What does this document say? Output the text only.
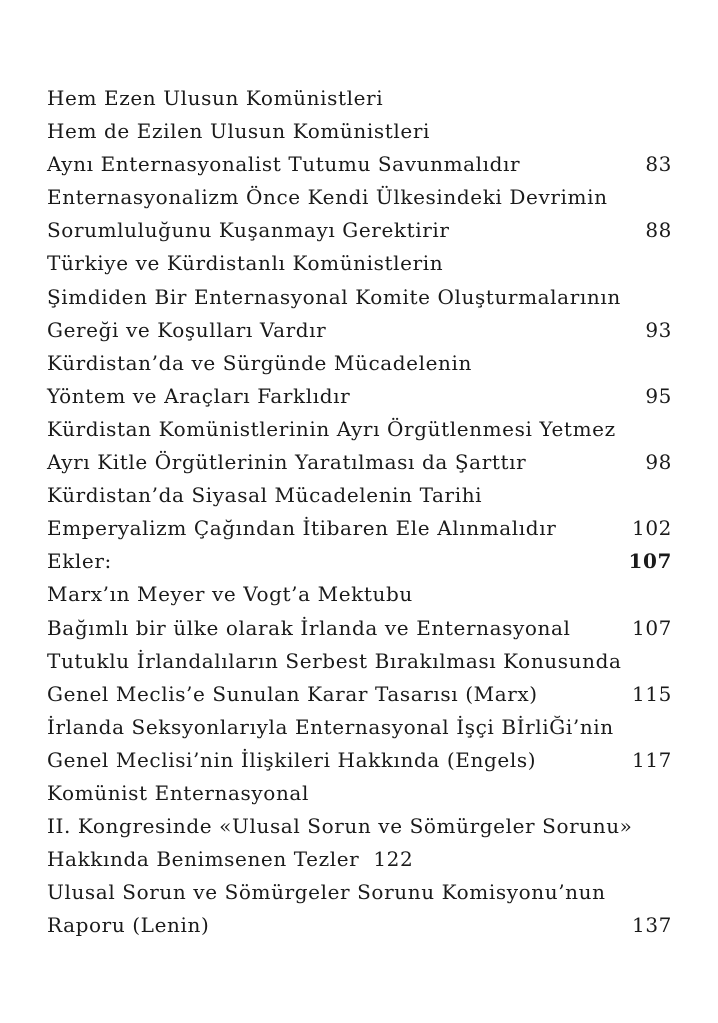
Hem Ezen Ulusun Komünistleri
Hem de Ezilen Ulusun Komünistleri
Aynı Enternasyonalist Tutumu Savunmalıdır	83
Enternasyonalizm Önce Kendi Ülkesindeki Devrimin
Sorumluluğunu Kuşanmayı Gerektirir	88
Türkiye ve Kürdistanlı Komünistlerin
Şimdiden Bir Enternasyonal Komite Oluşturmalarının
Gereği ve Koşulları Vardır	93
Kürdistan’da ve Sürgünde Mücadelenin
Yöntem ve Araçları Farklıdır	95
Kürdistan Komünistlerinin Ayrı Örgütlenmesi Yetmez
Ayrı Kitle Örgütlerinin Yaratılması da Şarttır	98
Kürdistan’da Siyasal Mücadelenin Tarihi
Emperyalizm Çağından İtibaren Ele Alınmalıdır	102
Ekler:	107
Marx’ın Meyer ve Vogt’a Mektubu
Bağımlı bir ülke olarak İrlanda ve Enternasyonal	107
Tutuklu İrlandalıların Serbest Bırakılması Konusunda
Genel Meclis’e Sunulan Karar Tasarısı (Marx)	115
İrlanda Seksyonlarıyla Enternasyonal İşçi BİrliĞi’nin
Genel Meclisi’nin İlişkileri Hakkında (Engels)	117
Komünist Enternasyonal
II. Kongresinde «Ulusal Sorun ve Sömürgeler Sorunu»
Hakkında Benimsenen Tezler 122
Ulusal Sorun ve Sömürgeler Sorunu Komisyonu’nun
Raporu (Lenin)	137
